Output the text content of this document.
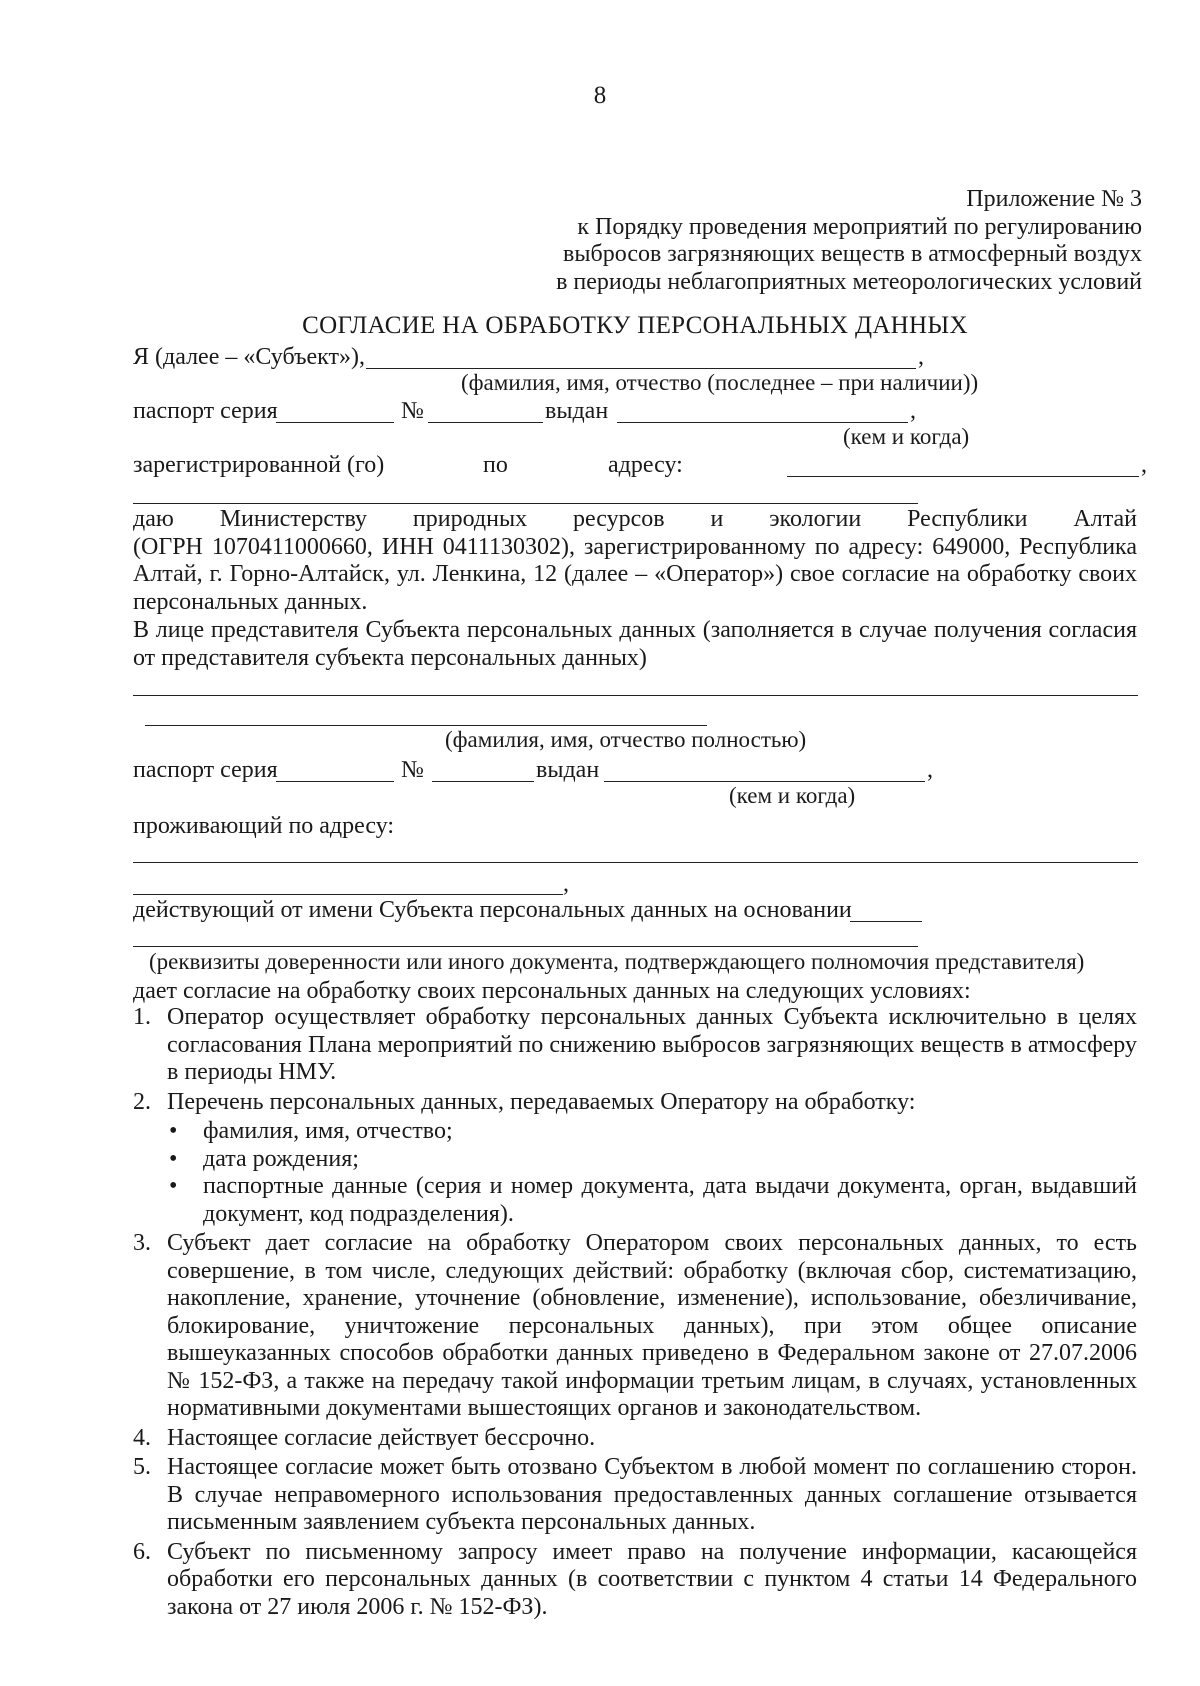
8
Приложение № 3
к Порядку проведения мероприятий по регулированию
выбросов загрязняющих веществ в атмосферный воздух
в периоды неблагоприятных метеорологических условий
СОГЛАСИЕ НА ОБРАБОТКУ ПЕРСОНАЛЬНЫХ ДАННЫХ
Я (далее – «Субъект»),	,
(фамилия, имя, отчество (последнее – при наличии))
паспорт серия	№	выдан	,
(кем и когда)
зарегистрированной (го)	по	адресу:	,
даю Министерству природных ресурсов и экологии Республики Алтай
(ОГРН 1070411000660, ИНН 0411130302), зарегистрированному по адресу: 649000, Республика Алтай, г. Горно-Алтайск, ул. Ленкина, 12 (далее – «Оператор») свое согласие на обработку своих персональных данных.
В лице представителя Субъекта персональных данных (заполняется в случае получения согласия от представителя субъекта персональных данных)
(фамилия, имя, отчество полностью)
паспорт серия	№	выдан	,
(кем и когда)
проживающий по адресу:
,
действующий от имени Субъекта персональных данных на основании
(реквизиты доверенности или иного документа, подтверждающего полномочия представителя)
дает согласие на обработку своих персональных данных на следующих условиях:
1. Оператор осуществляет обработку персональных данных Субъекта исключительно в целях согласования Плана мероприятий по снижению выбросов загрязняющих веществ в атмосферу в периоды НМУ.
2. Перечень персональных данных, передаваемых Оператору на обработку:
• фамилия, имя, отчество;
• дата рождения;
• паспортные данные (серия и номер документа, дата выдачи документа, орган, выдавший документ, код подразделения).
3. Субъект дает согласие на обработку Оператором своих персональных данных, то есть совершение, в том числе, следующих действий: обработку (включая сбор, систематизацию, накопление, хранение, уточнение (обновление, изменение), использование, обезличивание, блокирование, уничтожение персональных данных), при этом общее описание вышеуказанных способов обработки данных приведено в Федеральном законе от 27.07.2006 № 152-ФЗ, а также на передачу такой информации третьим лицам, в случаях, установленных нормативными документами вышестоящих органов и законодательством.
4. Настоящее согласие действует бессрочно.
5. Настоящее согласие может быть отозвано Субъектом в любой момент по соглашению сторон. В случае неправомерного использования предоставленных данных соглашение отзывается письменным заявлением субъекта персональных данных.
6. Субъект по письменному запросу имеет право на получение информации, касающейся обработки его персональных данных (в соответствии с пунктом 4 статьи 14 Федерального закона от 27 июля 2006 г. № 152-ФЗ).
